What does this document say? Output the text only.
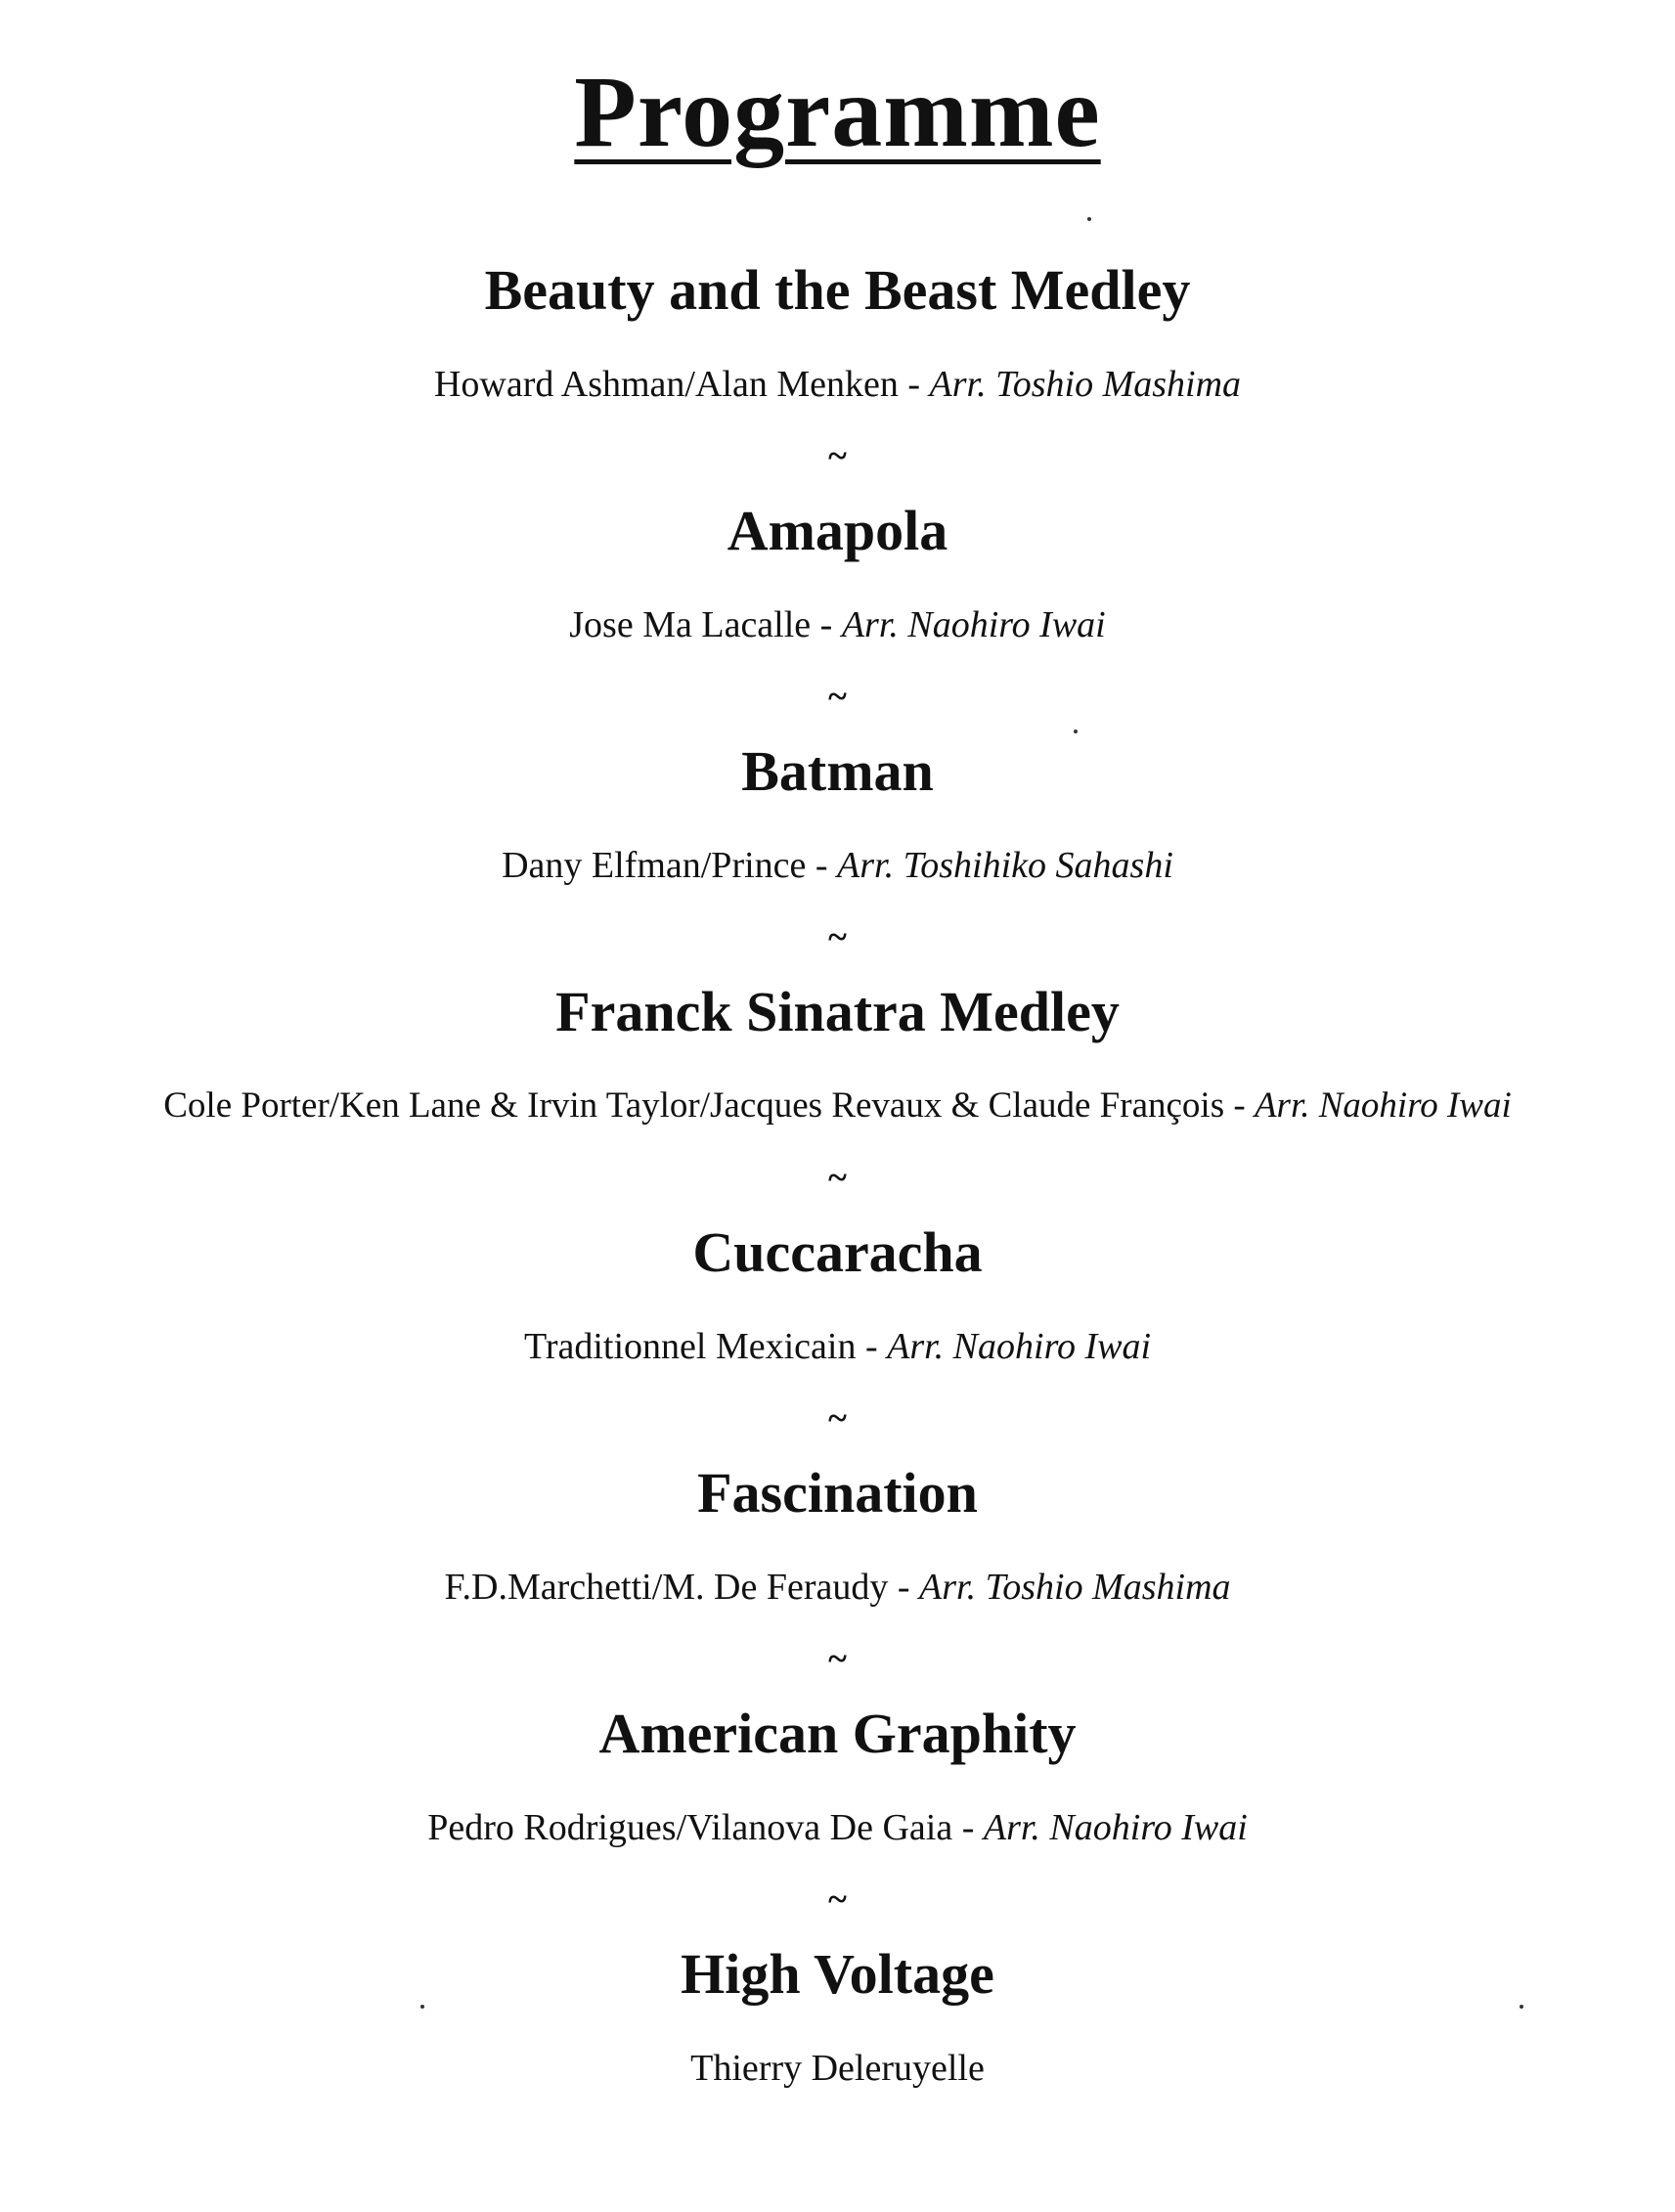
Programme
Beauty and the Beast Medley
Howard Ashman/Alan Menken - Arr. Toshio Mashima
~
Amapola
Jose Ma Lacalle - Arr. Naohiro Iwai
~
Batman
Dany Elfman/Prince - Arr. Toshihiko Sahashi
~
Franck Sinatra Medley
Cole Porter/Ken Lane & Irvin Taylor/Jacques Revaux & Claude François - Arr. Naohiro Iwai
~
Cuccaracha
Traditionnel Mexicain - Arr. Naohiro Iwai
~
Fascination
F.D.Marchetti/M. De Feraudy - Arr. Toshio Mashima
~
American Graphity
Pedro Rodrigues/Vilanova De Gaia - Arr. Naohiro Iwai
~
High Voltage
Thierry Deleruyelle
